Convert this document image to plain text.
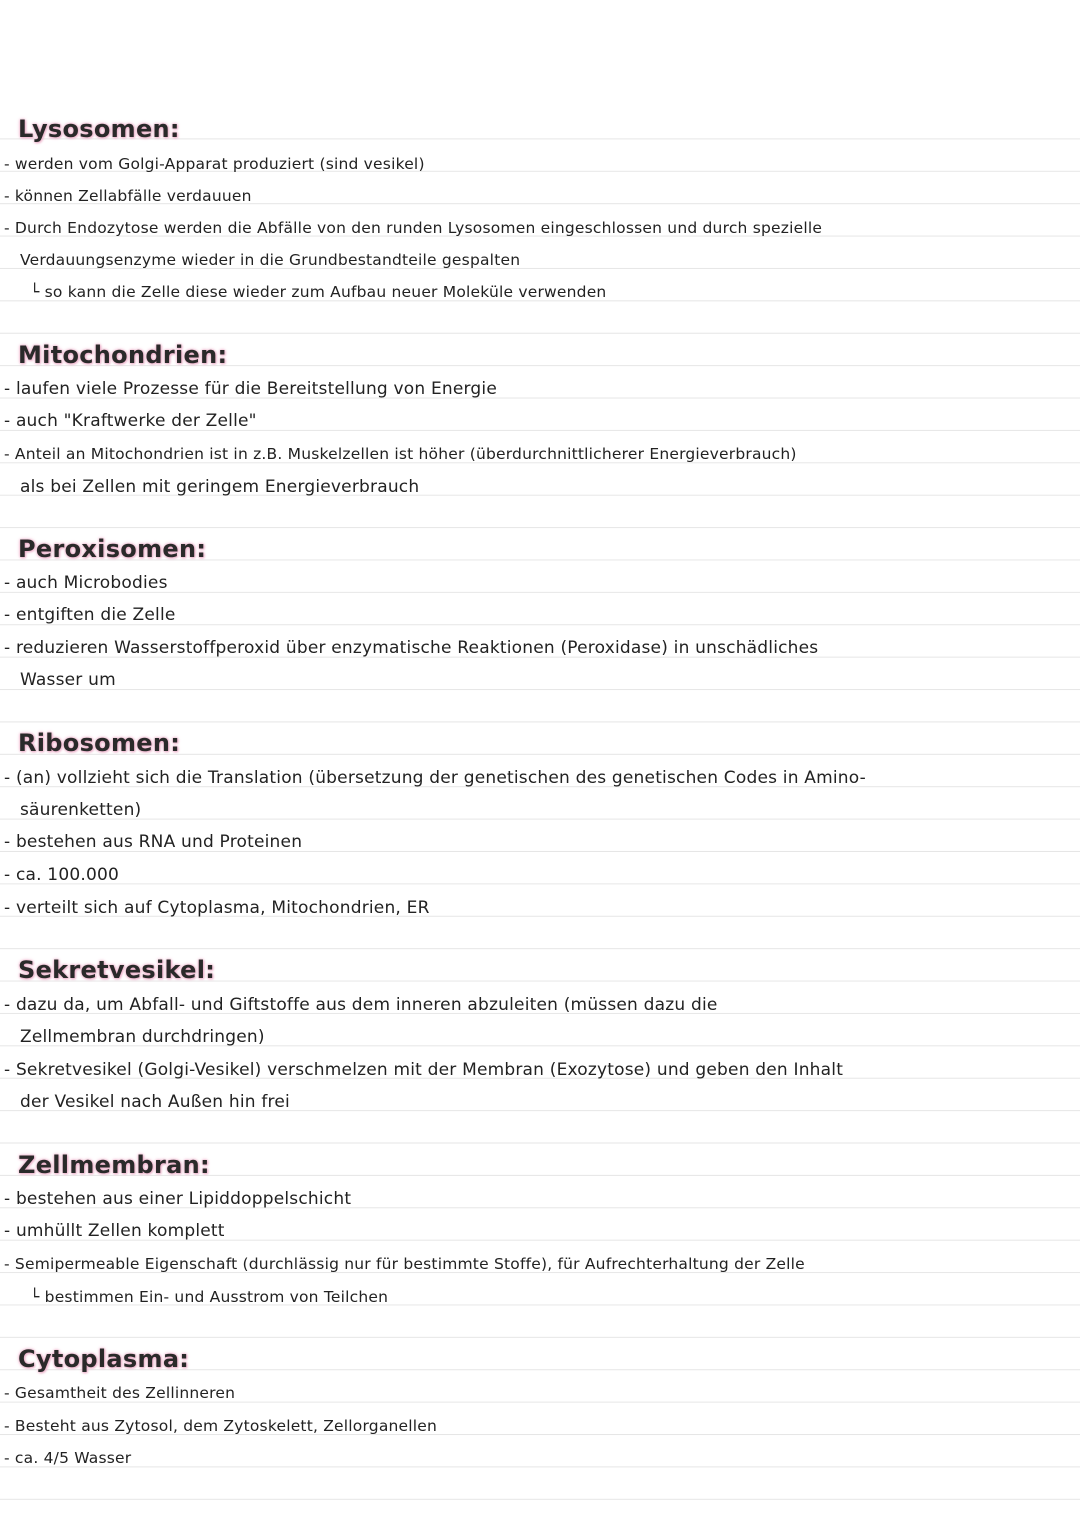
Lysosomen:
- werden vom Golgi-Apparat produziert (sind vesikel)
- können Zellabfälle verdauuen
- Durch Endozytose werden die Abfälle von den runden Lysosomen eingeschlossen und durch spezielle
Verdauungsenzyme wieder in die Grundbestandteile gespalten
└ so kann die Zelle diese wieder zum Aufbau neuer Moleküle verwenden
Mitochondrien:
- laufen viele Prozesse für die Bereitstellung von Energie
- auch "Kraftwerke der Zelle"
- Anteil an Mitochondrien ist in z.B. Muskelzellen ist höher (überdurchnittlicherer Energieverbrauch)
als bei Zellen mit geringem Energieverbrauch
Peroxisomen:
- auch Microbodies
- entgiften die Zelle
- reduzieren Wasserstoffperoxid über enzymatische Reaktionen (Peroxidase) in unschädliches
Wasser um
Ribosomen:
- (an) vollzieht sich die Translation (übersetzung der genetischen des genetischen Codes in Amino-
säurenketten)
- bestehen aus RNA und Proteinen
- ca. 100.000
- verteilt sich auf Cytoplasma, Mitochondrien, ER
Sekretvesikel:
- dazu da, um Abfall- und Giftstoffe aus dem inneren abzuleiten (müssen dazu die
Zellmembran durchdringen)
- Sekretvesikel (Golgi-Vesikel) verschmelzen mit der Membran (Exozytose) und geben den Inhalt
der Vesikel nach Außen hin frei
Zellmembran:
- bestehen aus einer Lipiddoppelschicht
- umhüllt Zellen komplett
- Semipermeable Eigenschaft (durchlässig nur für bestimmte Stoffe), für Aufrechterhaltung der Zelle
└ bestimmen Ein- und Ausstrom von Teilchen
Cytoplasma:
- Gesamtheit des Zellinneren
- Besteht aus Zytosol, dem Zytoskelett, Zellorganellen
- ca. 4/5 Wasser
